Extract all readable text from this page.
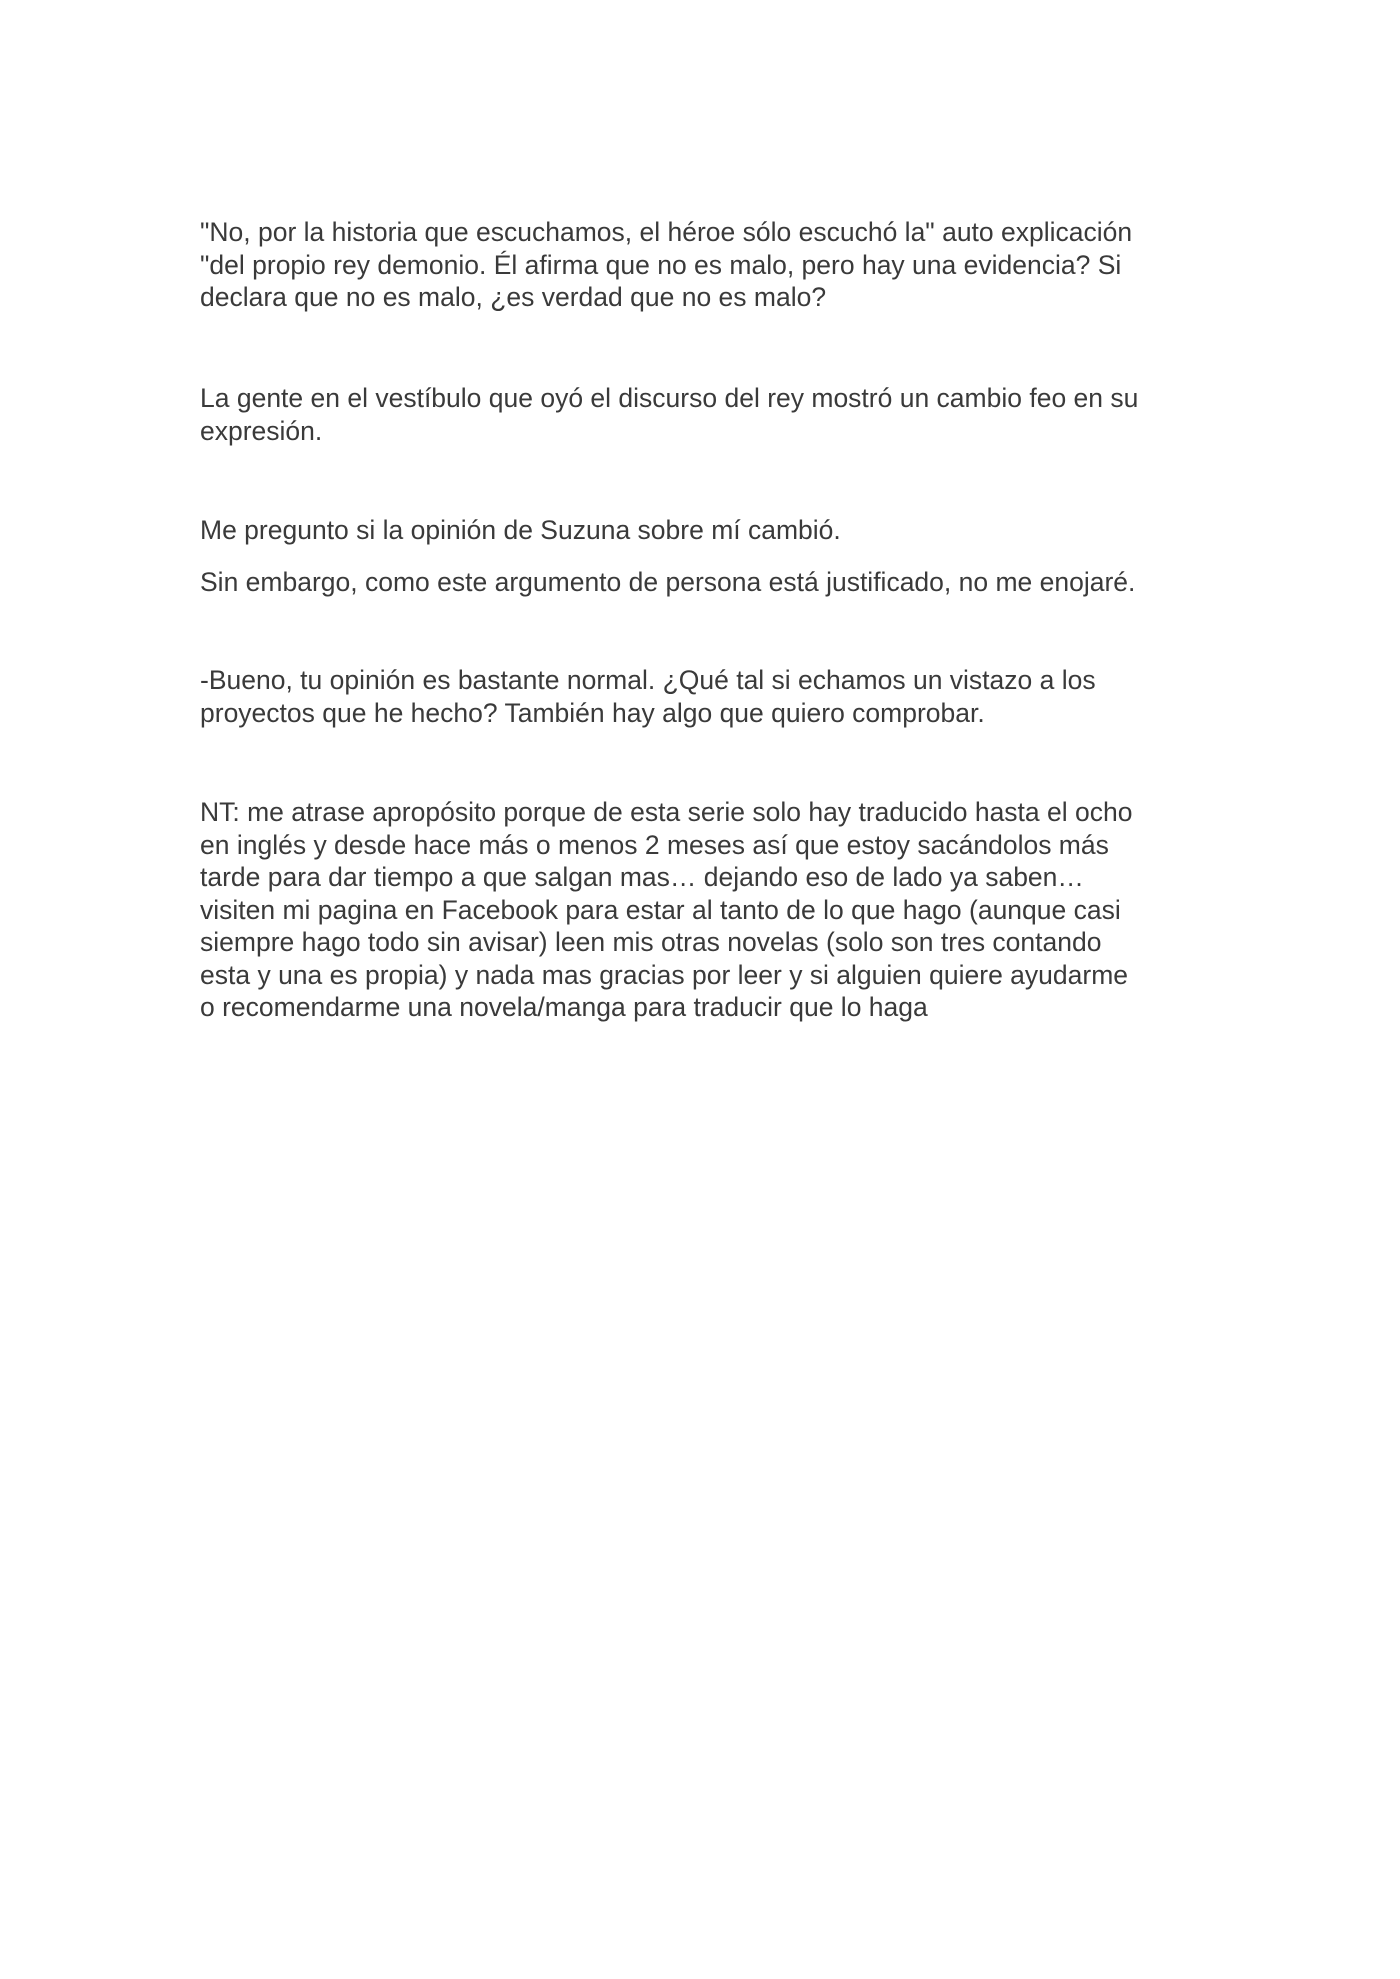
"No, por la historia que escuchamos, el héroe sólo escuchó la" auto explicación
"del propio rey demonio. Él afirma que no es malo, pero hay una evidencia? Si
declara que no es malo, ¿es verdad que no es malo?

La gente en el vestíbulo que oyó el discurso del rey mostró un cambio feo en su
expresión.

Me pregunto si la opinión de Suzuna sobre mí cambió.

Sin embargo, como este argumento de persona está justificado, no me enojaré.

-Bueno, tu opinión es bastante normal. ¿Qué tal si echamos un vistazo a los
proyectos que he hecho? También hay algo que quiero comprobar.

NT: me atrase apropósito porque de esta serie solo hay traducido hasta el ocho
en inglés y desde hace más o menos 2 meses así que estoy sacándolos más
tarde para dar tiempo a que salgan mas… dejando eso de lado ya saben…
visiten mi pagina en Facebook para estar al tanto de lo que hago (aunque casi
siempre hago todo sin avisar) leen mis otras novelas (solo son tres contando
esta y una es propia) y nada mas gracias por leer y si alguien quiere ayudarme
o recomendarme una novela/manga para traducir que lo haga
